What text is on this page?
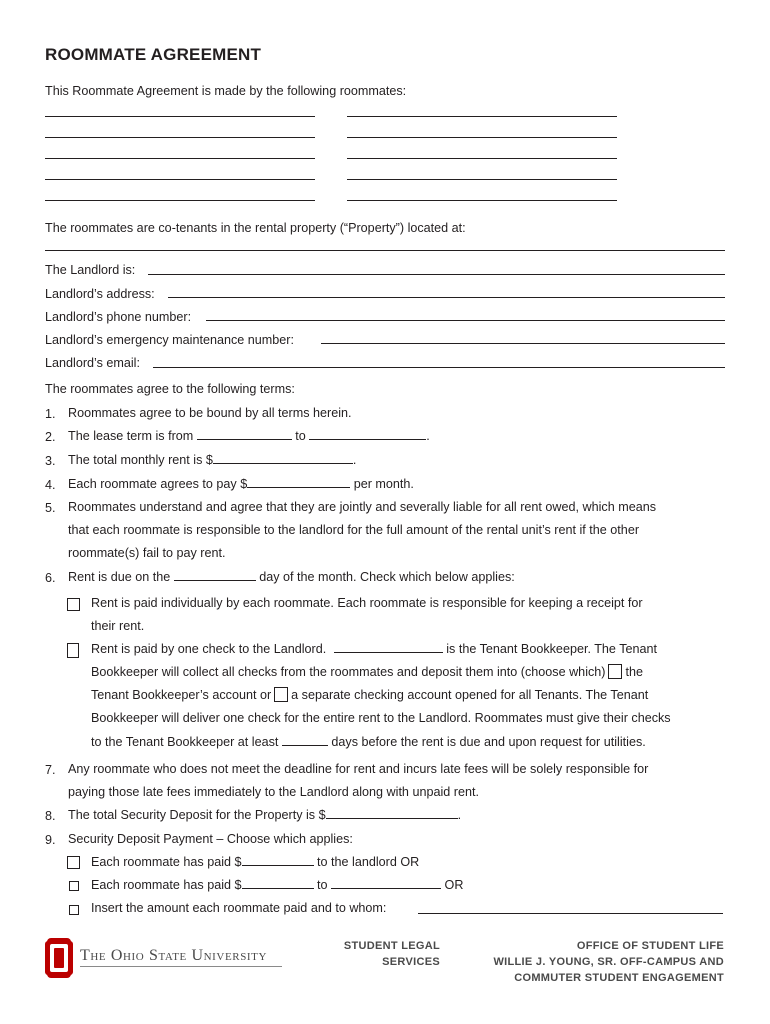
ROOMMATE AGREEMENT
This Roommate Agreement is made by the following roommates:
The roommates are co-tenants in the rental property (“Property”) located at:
The Landlord is:
Landlord’s address:
Landlord’s phone number:
Landlord’s emergency maintenance number:
Landlord’s email:
The roommates agree to the following terms:
1. Roommates agree to be bound by all terms herein.
2. The lease term is from	to	.
3. The total monthly rent is $	.
4. Each roommate agrees to pay $	per month.
5. Roommates understand and agree that they are jointly and severally liable for all rent owed, which means
that each roommate is responsible to the landlord for the full amount of the rental unit’s rent if the other
roommate(s) fail to pay rent.
6. Rent is due on the	day of the month. Check which below applies:
Rent is paid individually by each roommate. Each roommate is responsible for keeping a receipt for
their rent.
Rent is paid by one check to the Landlord.	is the Tenant Bookkeeper. The Tenant
Bookkeeper will collect all checks from the roommates and deposit them into (choose which) the
Tenant Bookkeeper’s account or a separate checking account opened for all Tenants. The Tenant
Bookkeeper will deliver one check for the entire rent to the Landlord. Roommates must give their checks
to the Tenant Bookkeeper at least	days before the rent is due and upon request for utilities.
7. Any roommate who does not meet the deadline for rent and incurs late fees will be solely responsible for
paying those late fees immediately to the Landlord along with unpaid rent.
8. The total Security Deposit for the Property is $	.
9. Security Deposit Payment – Choose which applies:
Each roommate has paid $	to the landlord OR
Each roommate has paid $	to	OR
Insert the amount each roommate paid and to whom:
The Ohio State University
STUDENT LEGAL
SERVICES
OFFICE OF STUDENT LIFE
WILLIE J. YOUNG, SR. OFF-CAMPUS AND
COMMUTER STUDENT ENGAGEMENT
